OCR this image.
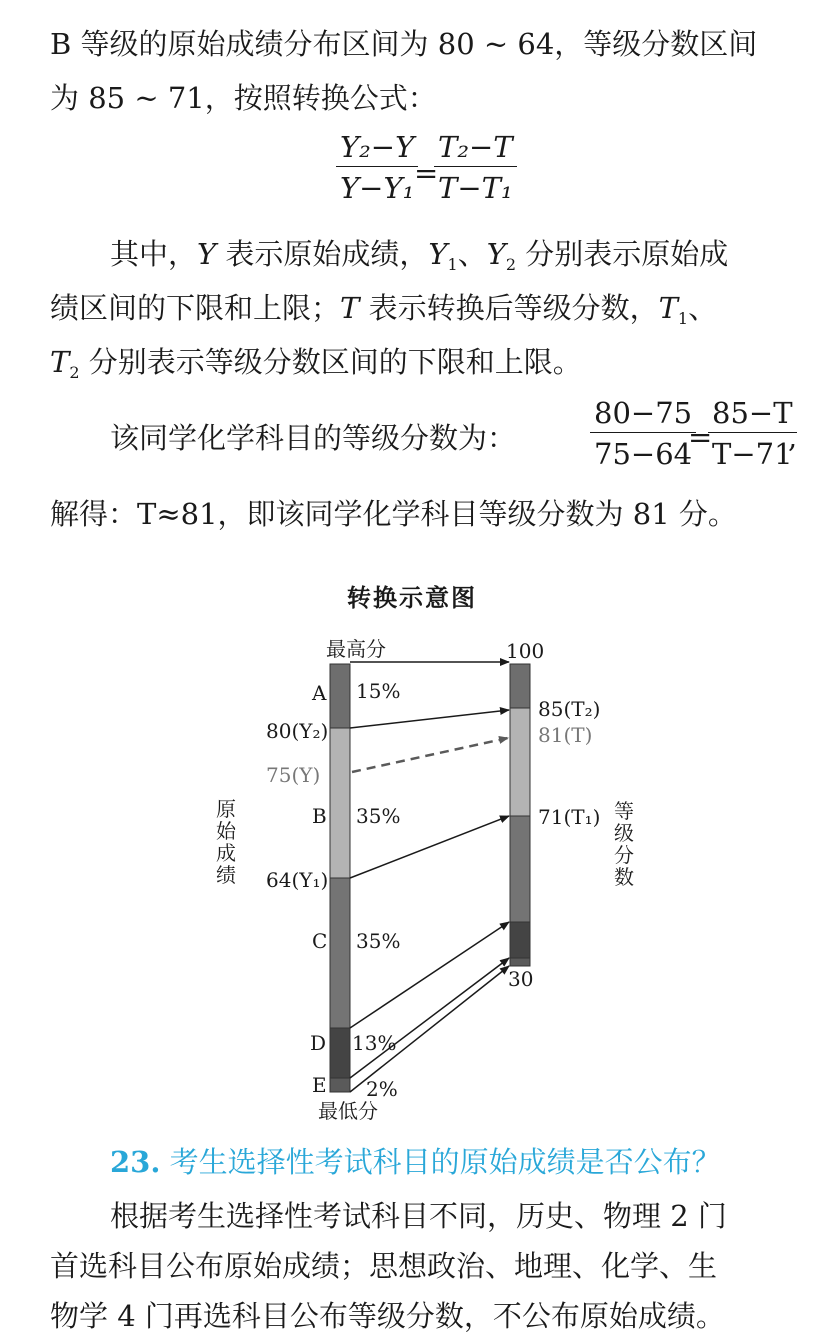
B 等级的原始成绩分布区间为 80 ~ 64，等级分数区间
为 85 ~ 71，按照转换公式：
$\frac{\text{Y₂−Y}}{\text{Y−Y₁}}$
=
$\frac{\text{T₂−T}}{\text{T−T₁}}$
其中，Y 表示原始成绩，$Y_1$、$Y_2$ 分别表示原始成
绩区间的下限和上限；T 表示转换后等级分数，$T_1$、
$T_2$ 分别表示等级分数区间的下限和上限。
该同学化学科目的等级分数为：	$\frac{80-75}{75-64}$
=
$\frac{85-T}{T-71}$
,
解得：T≈81，即该同学化学科目等级分数为 81 分。
转换示意图
最高分
最低分
A
B
C
D
E
15%
35%
35%
13%
2%
80(Y₂)
75(Y)
64(Y₁)
100
85(T₂)
81(T)
71(T₁)
30
原
始
成
绩
等
级
分
数
23. 考生选择性考试科目的原始成绩是否公布？
根据考生选择性考试科目不同，历史、物理 2 门
首选科目公布原始成绩；思想政治、地理、化学、生
物学 4 门再选科目公布等级分数，不公布原始成绩。
